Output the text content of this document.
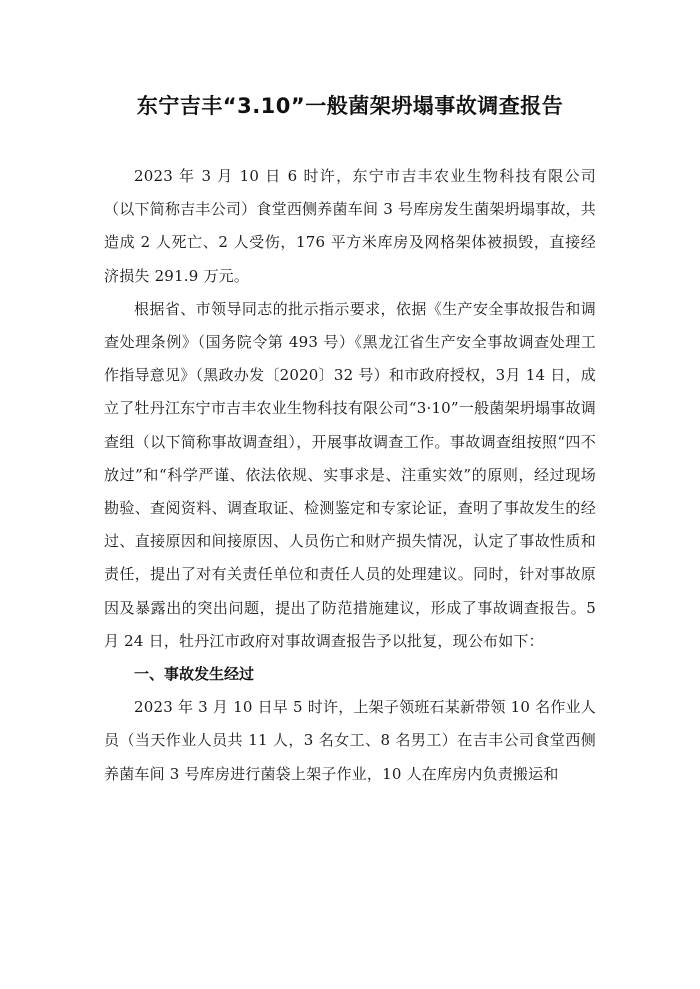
东宁吉丰“3.10”一般菌架坍塌事故调查报告

2023 年 3 月 10 日 6 时许，东宁市吉丰农业生物科技有限公司（以下简称吉丰公司）食堂西侧养菌车间 3 号库房发生菌架坍塌事故，共造成 2 人死亡、2 人受伤，176 平方米库房及网格架体被损毁，直接经济损失 291.9 万元。

根据省、市领导同志的批示指示要求，依据《生产安全事故报告和调查处理条例》（国务院令第 493 号）《黑龙江省生产安全事故调查处理工作指导意见》（黑政办发〔2020〕32 号）和市政府授权，3月 14 日，成立了牡丹江东宁市吉丰农业生物科技有限公司“3·10”一般菌架坍塌事故调查组（以下简称事故调查组），开展事故调查工作。事故调查组按照“四不放过”和“科学严谨、依法依规、实事求是、注重实效”的原则，经过现场勘验、查阅资料、调查取证、检测鉴定和专家论证，查明了事故发生的经过、直接原因和间接原因、人员伤亡和财产损失情况，认定了事故性质和责任，提出了对有关责任单位和责任人员的处理建议。同时，针对事故原因及暴露出的突出问题，提出了防范措施建议，形成了事故调查报告。5 月 24 日，牡丹江市政府对事故调查报告予以批复，现公布如下：

一、事故发生经过

2023 年 3 月 10 日早 5 时许，上架子领班石某新带领 10 名作业人员（当天作业人员共 11 人，3 名女工、8 名男工）在吉丰公司食堂西侧养菌车间 3 号库房进行菌袋上架子作业，10 人在库房内负责搬运和
